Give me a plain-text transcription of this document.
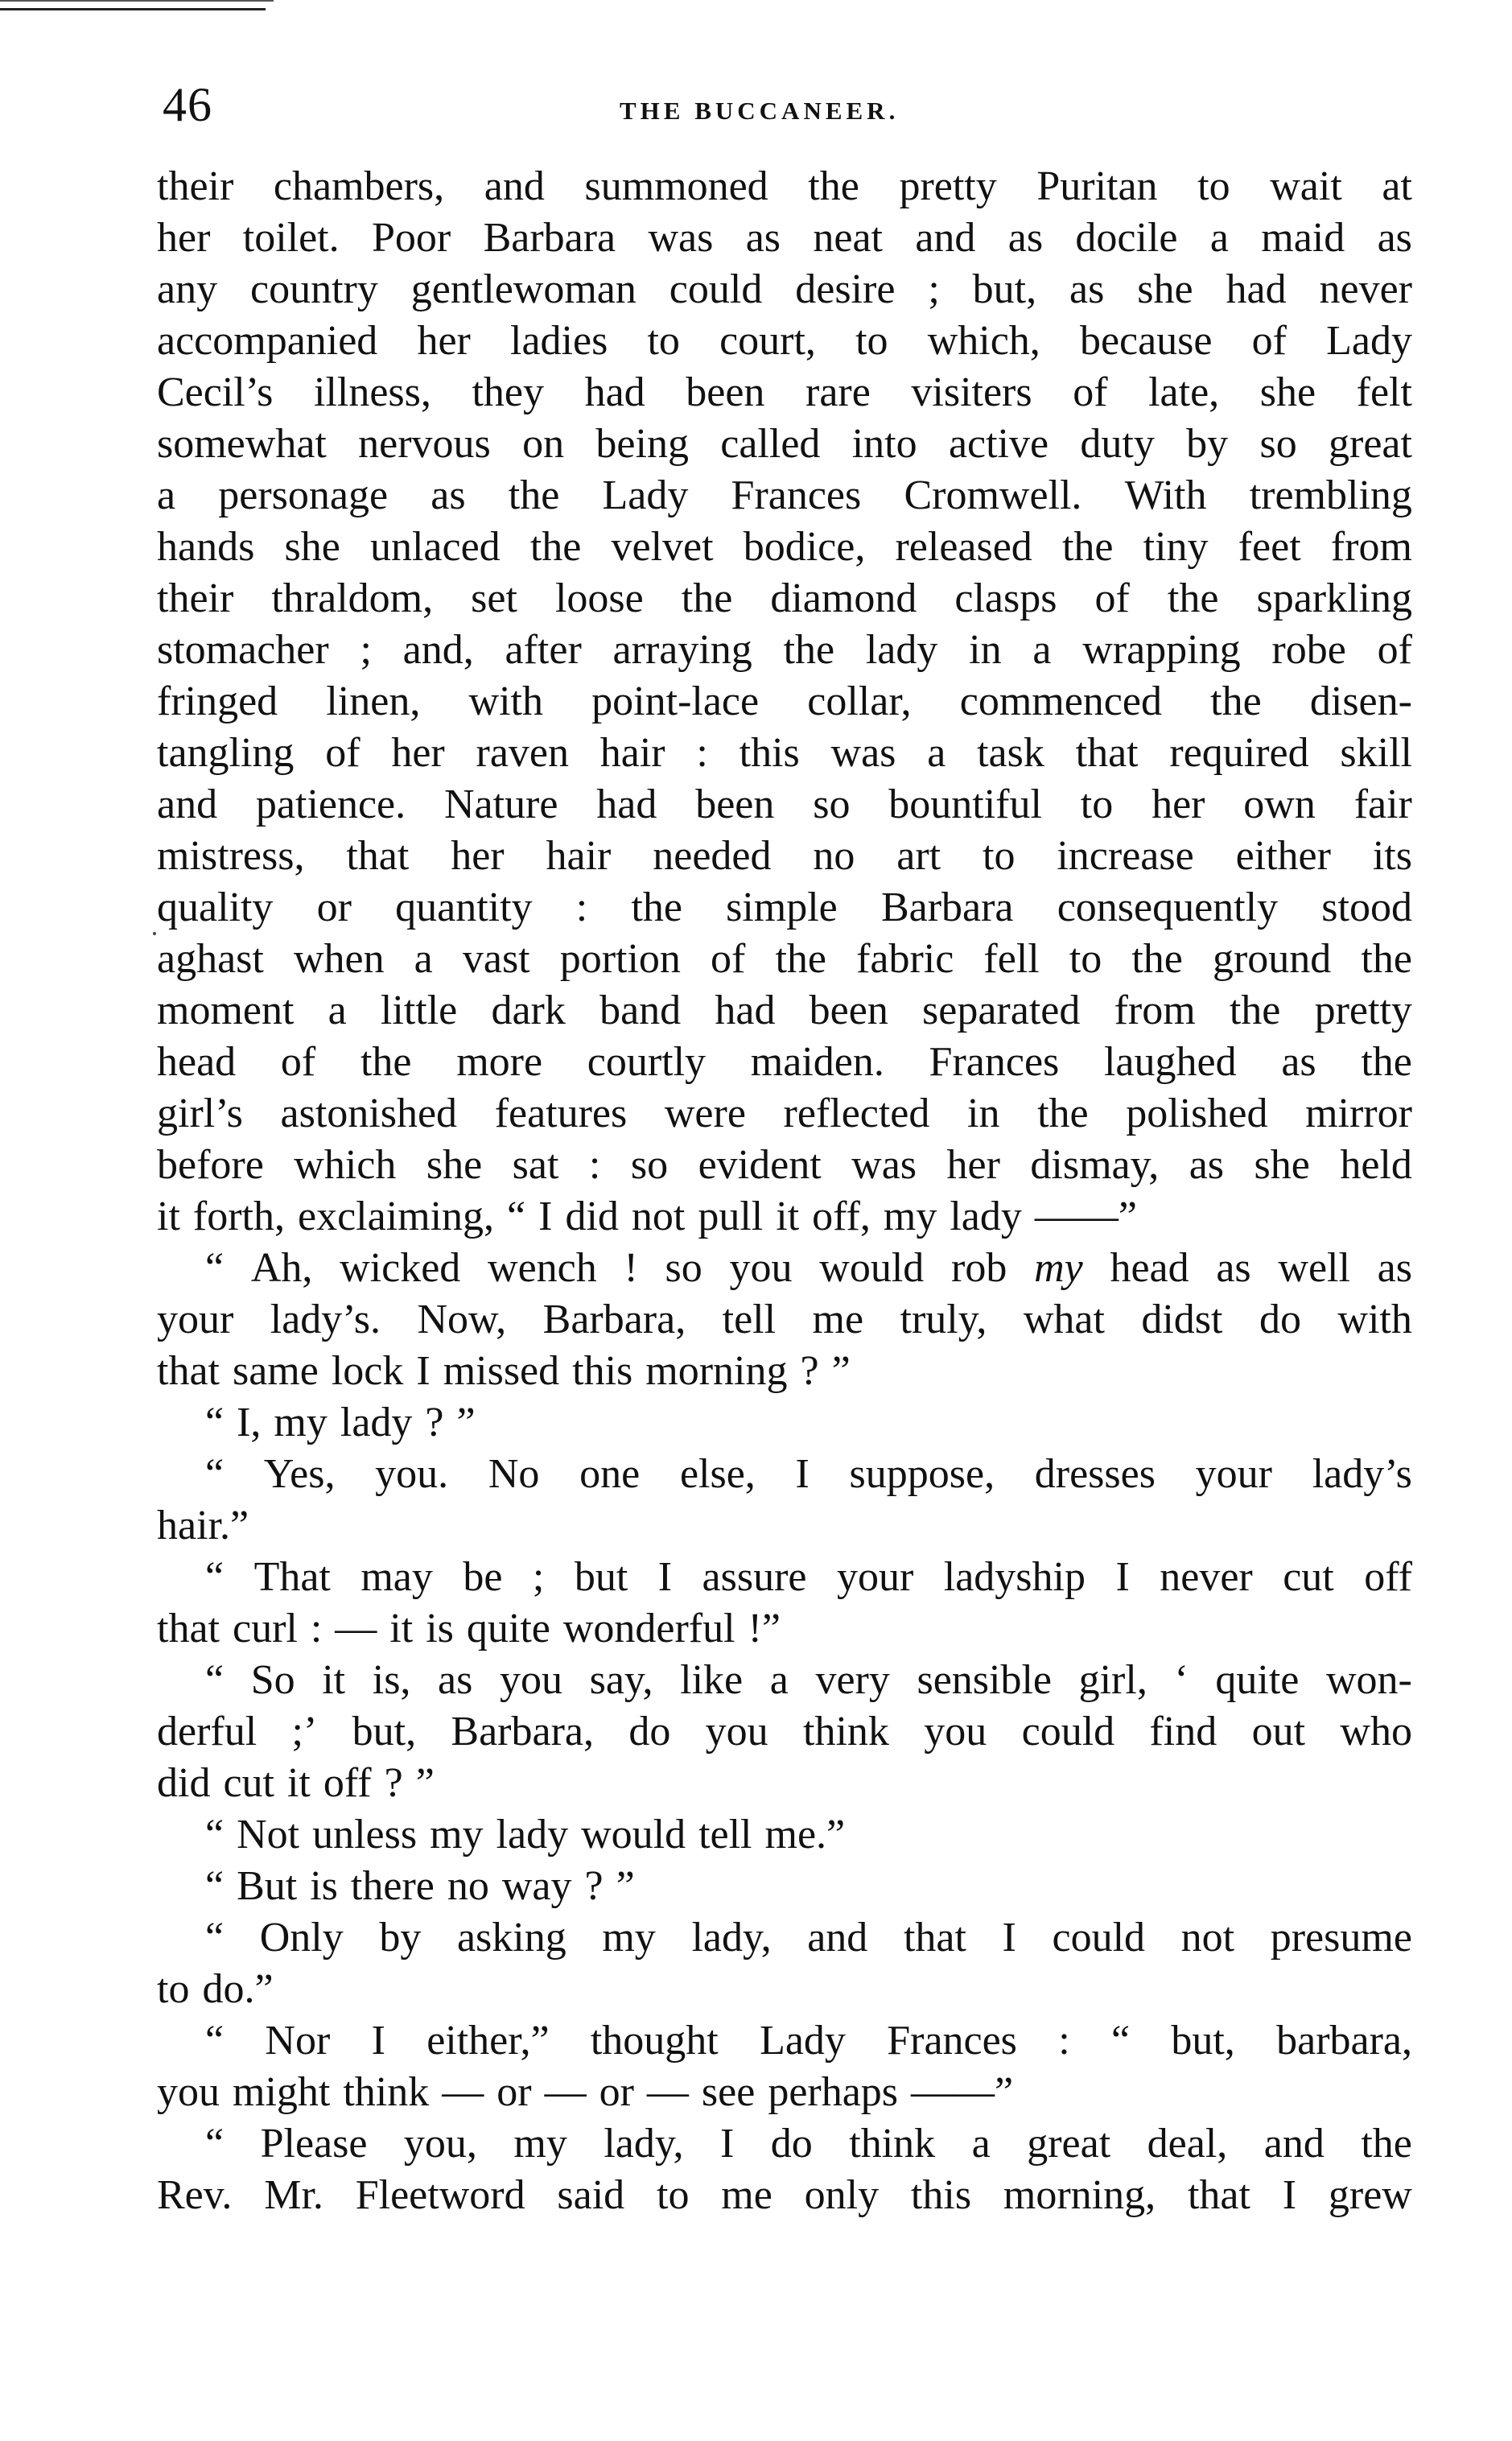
46	THE BUCCANEER.
their chambers, and summoned the pretty Puritan to wait at
her toilet. Poor Barbara was as neat and as docile a maid as
any country gentlewoman could desire ; but, as she had never
accompanied her ladies to court, to which, because of Lady
Cecil’s illness, they had been rare visiters of late, she felt
somewhat nervous on being called into active duty by so great
a personage as the Lady Frances Cromwell. With trembling
hands she unlaced the velvet bodice, released the tiny feet from
their thraldom, set loose the diamond clasps of the sparkling
stomacher ; and, after arraying the lady in a wrapping robe of
fringed linen, with point-lace collar, commenced the disen-
tangling of her raven hair : this was a task that required skill
and patience. Nature had been so bountiful to her own fair
mistress, that her hair needed no art to increase either its
quality or quantity : the simple Barbara consequently stood
aghast when a vast portion of the fabric fell to the ground the
moment a little dark band had been separated from the pretty
head of the more courtly maiden. Frances laughed as the
girl’s astonished features were reflected in the polished mirror
before which she sat : so evident was her dismay, as she held
it forth, exclaiming, “ I did not pull it off, my lady ——”
“ Ah, wicked wench ! so you would rob my head as well as
your lady’s. Now, Barbara, tell me truly, what didst do with
that same lock I missed this morning ? ”
“ I, my lady ? ”
“ Yes, you. No one else, I suppose, dresses your lady’s
hair.”
“ That may be ; but I assure your ladyship I never cut off
that curl : — it is quite wonderful !”
“ So it is, as you say, like a very sensible girl, ‘ quite won-
derful ;’ but, Barbara, do you think you could find out who
did cut it off ? ”
“ Not unless my lady would tell me.”
“ But is there no way ? ”
“ Only by asking my lady, and that I could not presume
to do.”
“ Nor I either,” thought Lady Frances : “ but, barbara,
you might think — or — or — see perhaps ——”
“ Please you, my lady, I do think a great deal, and the
Rev. Mr. Fleetword said to me only this morning, that I grew
